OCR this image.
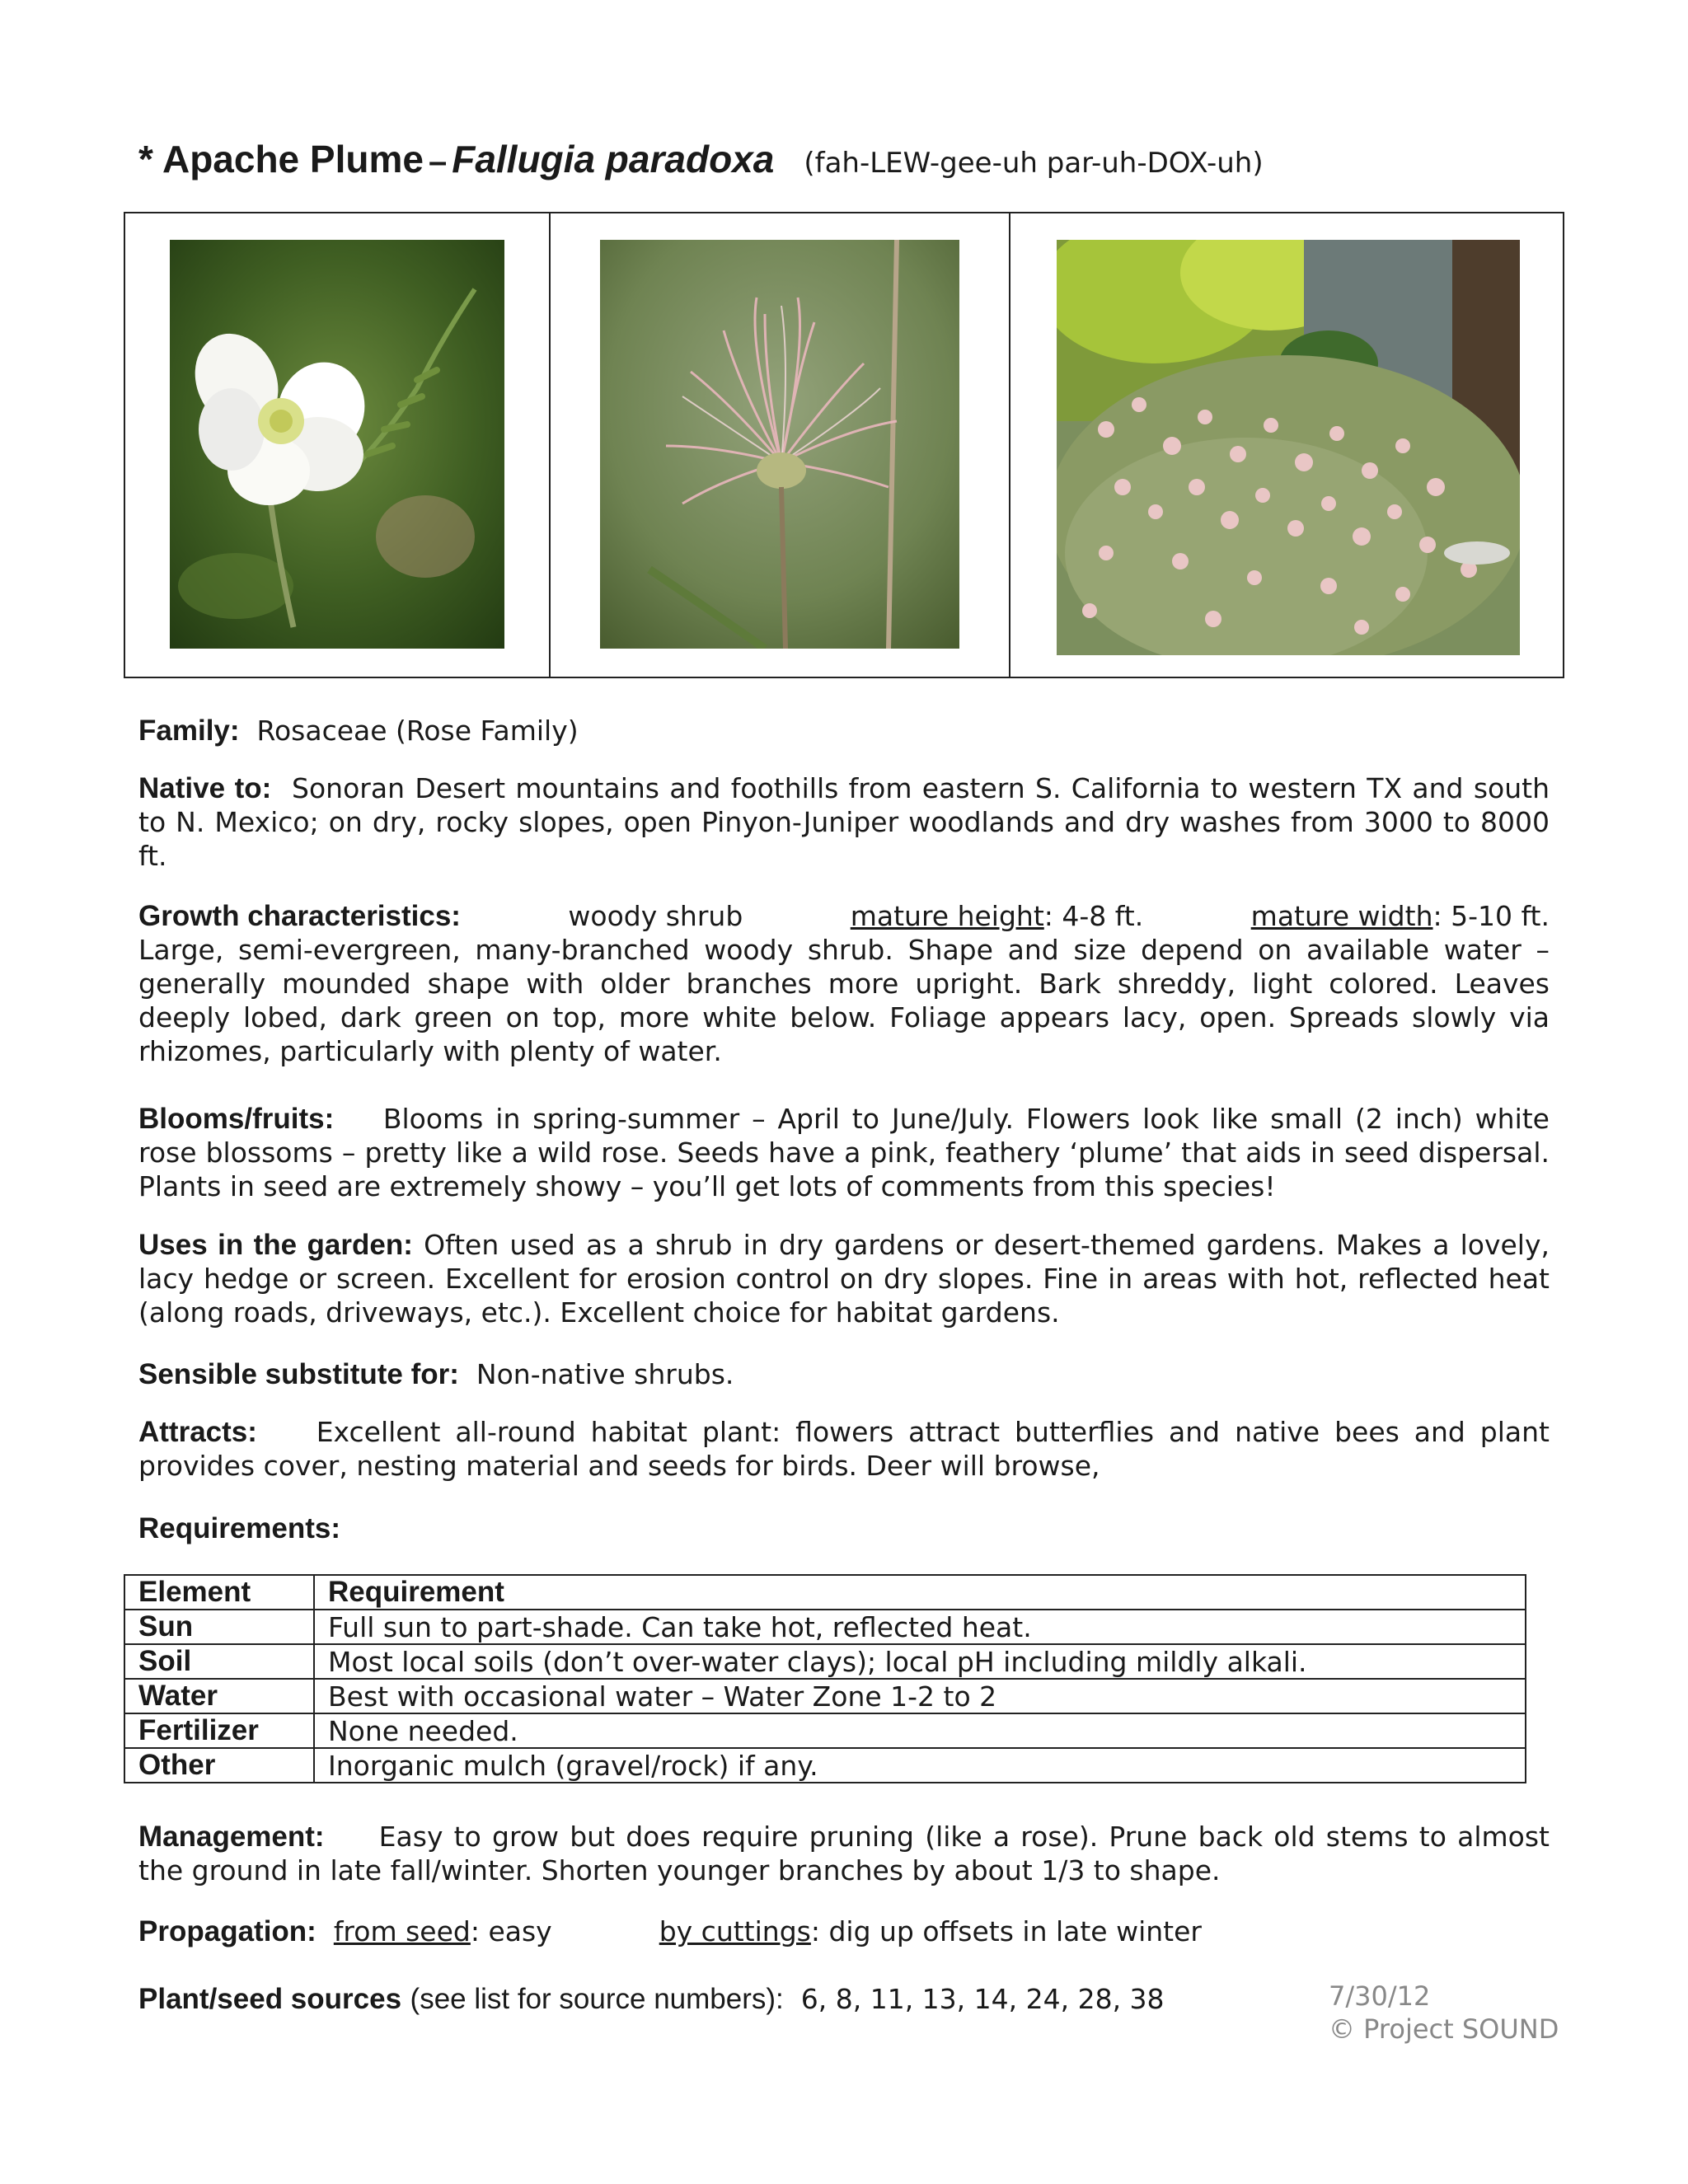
* Apache Plume – Fallugia paradoxa (fah-LEW-gee-uh par-uh-DOX-uh)
Family: Rosaceae (Rose Family)
Native to: Sonoran Desert mountains and foothills from eastern S. California to western TX and south to N. Mexico; on dry, rocky slopes, open Pinyon-Juniper woodlands and dry washes from 3000 to 8000 ft.
Growth characteristics:	woody shrub	mature height: 4-8 ft.	mature width: 5-10 ft.
Large, semi-evergreen, many-branched woody shrub. Shape and size depend on available water – generally mounded shape with older branches more upright. Bark shreddy, light colored. Leaves deeply lobed, dark green on top, more white below. Foliage appears lacy, open. Spreads slowly via rhizomes, particularly with plenty of water.
Blooms/fruits: Blooms in spring-summer – April to June/July. Flowers look like small (2 inch) white rose blossoms – pretty like a wild rose. Seeds have a pink, feathery ‘plume’ that aids in seed dispersal. Plants in seed are extremely showy – you’ll get lots of comments from this species!
Uses in the garden: Often used as a shrub in dry gardens or desert-themed gardens. Makes a lovely, lacy hedge or screen. Excellent for erosion control on dry slopes. Fine in areas with hot, reflected heat (along roads, driveways, etc.). Excellent choice for habitat gardens.
Sensible substitute for: Non-native shrubs.
Attracts: Excellent all-round habitat plant: flowers attract butterflies and native bees and plant provides cover, nesting material and seeds for birds. Deer will browse,
Requirements:
Element	Requirement
Sun	Full sun to part-shade. Can take hot, reflected heat.
Soil	Most local soils (don’t over-water clays); local pH including mildly alkali.
Water	Best with occasional water – Water Zone 1-2 to 2
Fertilizer	None needed.
Other	Inorganic mulch (gravel/rock) if any.
Management: Easy to grow but does require pruning (like a rose). Prune back old stems to almost the ground in late fall/winter. Shorten younger branches by about 1/3 to shape.
Propagation: from seed: easy	by cuttings: dig up offsets in late winter
Plant/seed sources (see list for source numbers): 6, 8, 11, 13, 14, 24, 28, 38	7/30/12
© Project SOUND
